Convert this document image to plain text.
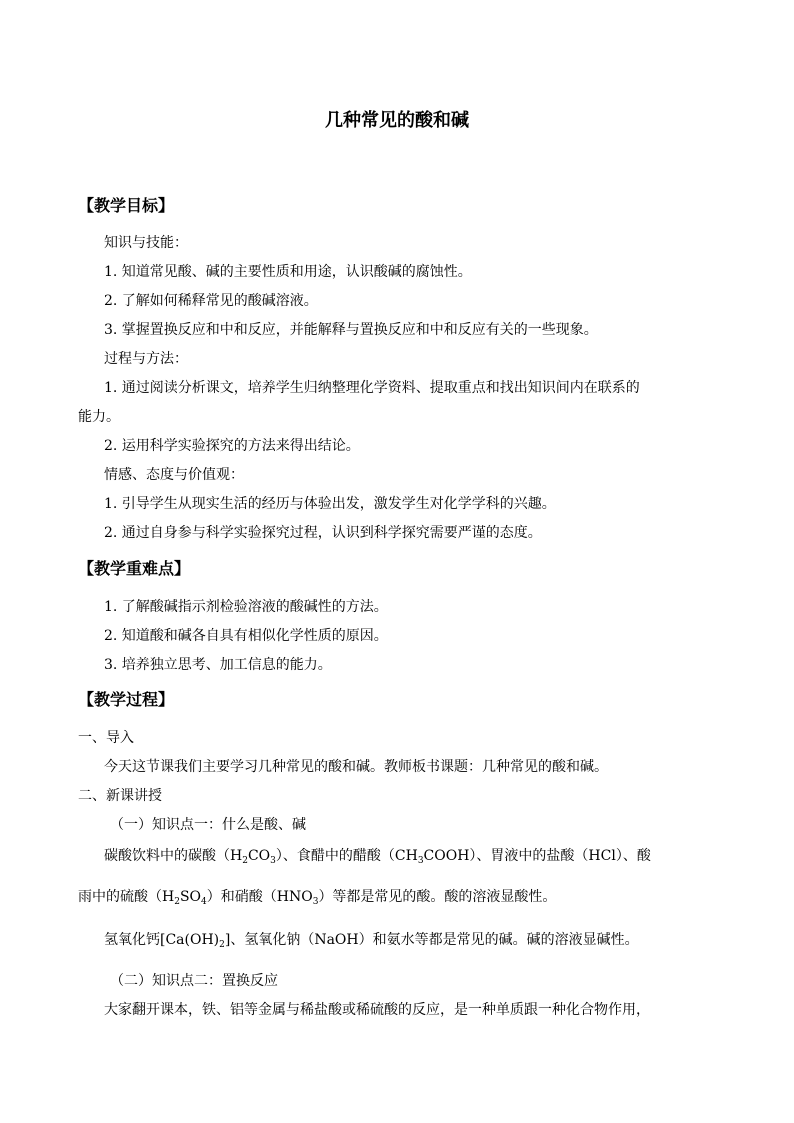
几种常见的酸和碱
【教学目标】
知识与技能：
1. 知道常见酸、碱的主要性质和用途，认识酸碱的腐蚀性。
2. 了解如何稀释常见的酸碱溶液。
3. 掌握置换反应和中和反应，并能解释与置换反应和中和反应有关的一些现象。
过程与方法：
1. 通过阅读分析课文，培养学生归纳整理化学资料、提取重点和找出知识间内在联系的
能力。
2. 运用科学实验探究的方法来得出结论。
情感、态度与价值观：
1. 引导学生从现实生活的经历与体验出发，激发学生对化学学科的兴趣。
2. 通过自身参与科学实验探究过程，认识到科学探究需要严谨的态度。
【教学重难点】
1. 了解酸碱指示剂检验溶液的酸碱性的方法。
2. 知道酸和碱各自具有相似化学性质的原因。
3. 培养独立思考、加工信息的能力。
【教学过程】
一、导入
今天这节课我们主要学习几种常见的酸和碱。教师板书课题：几种常见的酸和碱。
二、新课讲授
（一）知识点一：什么是酸、碱
碳酸饮料中的碳酸$(H_2CO_3)$、食醋中的醋酸$(CH_3COOH)$、胃液中的盐酸（HCl）、酸
雨中的硫酸$(H_2SO_4)$和硝酸$(HNO_3)$等都是常见的酸。酸的溶液显酸性。
氢氧化钙$[Ca(OH)_2]$、氢氧化钠（NaOH）和氨水等都是常见的碱。碱的溶液显碱性。
（二）知识点二：置换反应
大家翻开课本，铁、铝等金属与稀盐酸或稀硫酸的反应，是一种单质跟一种化合物作用，
